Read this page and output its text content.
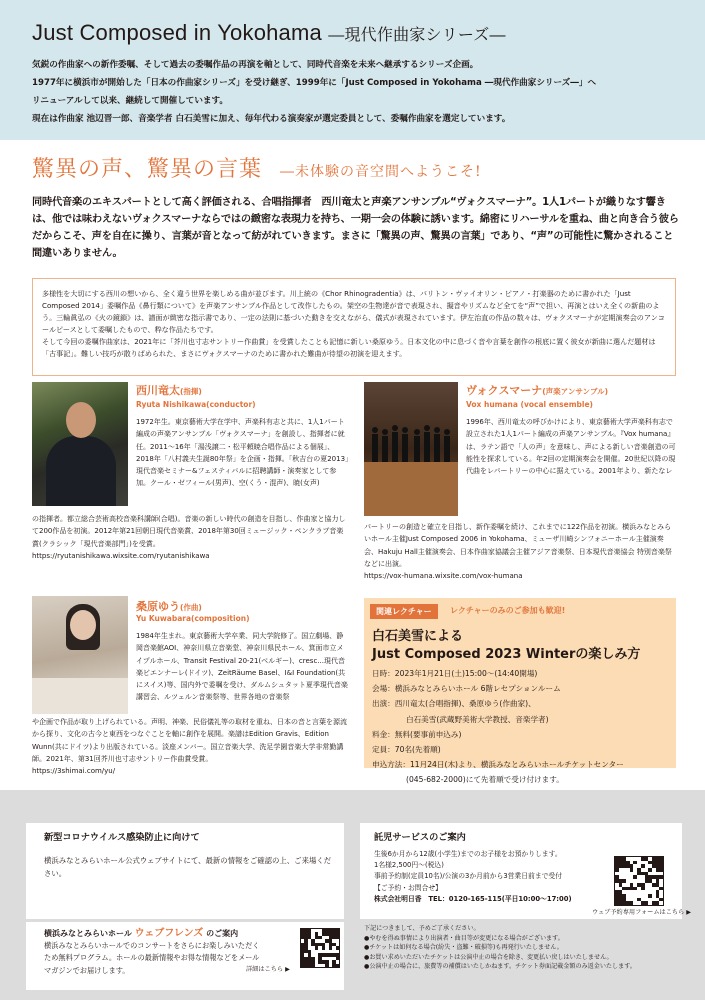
Just Composed in Yokohama ―現代作曲家シリーズ―
気鋭の作曲家への新作委嘱、そして過去の委嘱作品の再演を軸として、同時代音楽を未来へ継承するシリーズ企画。
1977年に横浜市が開始した「日本の作曲家シリーズ」を受け継ぎ、1999年に「Just Composed in Yokohama ―現代作曲家シリーズ―」へ
リニューアルして以来、継続して開催しています。
現在は作曲家 池辺晋一郎、音楽学者 白石美雪に加え、毎年代わる演奏家が選定委員として、委嘱作曲家を選定しています。
驚異の声、驚異の言葉 ―未体験の音空間へようこそ!
同時代音楽のエキスパートとして高く評価される、合唱指揮者　西川竜太と声楽アンサンブル“ヴォクスマーナ”。1人1パートが織りなす響きは、他では味わえないヴォクスマーナならではの緻密な表現力を持ち、一期一会の体験に誘います。綿密にリハーサルを重ね、曲と向き合う彼らだからこそ、声を自在に操り、言葉が音となって紡がれていきます。まさに「驚異の声、驚異の言葉」であり、“声”の可能性に驚かされること間違いありません。

多様性を大切にする西川の想いから、全く違う世界を楽しめる曲が並びます。川上統の《Chor Rhinogradentia》は、バリトン・ヴァイオリン・ピアノ・打楽器のために書かれた「Just Composed 2014」委嘱作品《鼻行類について》を声楽アンサンブル作品として改作したもの。架空の生物達が音で表現され、擬音やリズムなど全てを“声”で担い、再演とはいえ全くの新曲のよう。三輪眞弘の《火の鏡鎖》は、譜面が緻密な指示書であり、一定の法則に基づいた動きを交えながら、儀式が表現されています。伊左治直の作品の数々は、ヴォクスマーナが定期演奏会のアンコールピースとして委嘱したもので、粋な作品たちです。

そして今回の委嘱作曲家は、2021年に「芥川也寸志サントリー作曲賞」を受賞したことも記憶に新しい桑原ゆう。日本文化の中に息づく音や言葉を創作の根底に置く彼女が新曲に選んだ題材は「古事記」。難しい技巧が散りばめられた、まさにヴォクスマーナのために書かれた難曲が待望の初演を迎えます。

西川竜太(指揮)
Ryuta Nishikawa(conductor)
1972年生。東京藝術大学在学中、声楽科有志と共に、1人1パート編成の声楽アンサンブル「ヴォクスマーナ」を創設し、指揮者に就任。2011～16年「湯浅譲二・松平頼暁合唱作品による個展」、2018年「八村義夫生誕80年祭」を企画・指揮。「秋吉台の夏2013」現代音楽セミナー&フェスティバルに招聘講師・演奏家として参加。クール・ゼフィール(男声)、空(くう・混声)、暁(女声)

の指揮者。都立総合芸術高校音楽科講師(合唱)。音楽の新しい時代の創造を目指し、作曲家と協力して200作品を初演。2012年第21回朝日現代音楽賞、2018年第30回ミュージック・ペンクラブ音楽賞(クラシック「現代音楽部門」)を受賞。

https://ryutanishikawa.wixsite.com/ryutanishikawa

ヴォクスマーナ(声楽アンサンブル)
Vox humana (vocal ensemble)
1996年、西川竜太の呼びかけにより、東京藝術大学声楽科有志で設立された1人1パート編成の声楽アンサンブル。『Vox humana』は、ラテン語で「人の声」を意味し、声による新しい音楽創造の可能性を探求している。年2回の定期演奏会を開催。20世紀以降の現代曲をレパートリーの中心に据えている。2001年より、新たなレ

パートリーの創造と確立を目指し、新作委嘱を続け、これまでに122作品を初演。横浜みなとみらいホール主催Just Composed 2006 in Yokohama、ミューザ川崎シンフォニーホール主催演奏会、Hakuju Hall主催演奏会、日本作曲家協議会主催アジア音楽祭、日本現代音楽協会 特別音楽祭などに出演。

https://vox-humana.wixsite.com/vox-humana

桑原ゆう(作曲)
Yu Kuwabara(composition)
1984年生まれ。東京藝術大学卒業、同大学院修了。国立劇場、静岡音楽館AOI、神奈川県立音楽堂、神奈川県民ホール、箕面市立メイプルホール、Transit Festival 20-21(ベルギー)、cresc...現代音楽ビエンナーレ(ドイツ)、ZeitRäume Basel、I&I Foundation(共にスイス)等、国内外で委嘱を受け、ダルムシュタット夏季現代音楽講習会、ルツェルン音楽祭等、世界各地の音楽祭

や企画で作品が取り上げられている。声明、神楽、民俗儀礼等の取材を重ね、日本の音と言葉を源流から探り、文化の古今と東西をつなぐことを軸に創作を展開。楽譜はEdition Gravis、Edition Wunn(共にドイツ)より出版されている。淡座メンバー。国立音楽大学、洗足学園音楽大学非常勤講師。2021年、第31回芥川也寸志サントリー作曲賞受賞。

https://3shimai.com/yu/

関連レクチャー	レクチャーのみのご参加も歓迎!
白石美雪による
Just Composed 2023 Winterの楽しみ方

日時：2023年1月21日(土)15:00～(14:40開場)

会場：横浜みなとみらいホール 6階レセプションルーム

出演：西川竜太(合唱指揮)、桑原ゆう(作曲家)、

白石美雪(武蔵野美術大学教授、音楽学者)

料金：無料(要事前申込み)

定員：70名(先着順)

申込方法：11月24日(木)より、横浜みなとみらいホールチケットセンター

(045-682-2000)にて先着順で受け付けます。

新型コロナウイルス感染防止に向けて
横浜みなとみらいホール公式ウェブサイトにて、最新の情報をご確認の上、ご来場ください。
託児サービスのご案内

生後6か月から12歳(小学生)までのお子様をお預かりします。

1名様2,500円～(税込)

事前予約制(定員10名)/公演の3か月前から3営業日前まで受付

【ご予約・お問合せ】

株式会社明日香　TEL：0120-165-115(平日10:00～17:00)

ウェブ予約専用フォームはこちら ▶
横浜みなとみらいホール ウェブフレンズ のご案内
横浜みなとみらいホールでのコンサートをさらにお楽しみいただくため無料プログラム。ホールの最新情報やお得な情報などをメールマガジンでお届けします。	詳細はこちら ▶

下記につきまして、予めご了承ください。

●やむを得ぬ事情により出演者・曲目等が変更になる場合がございます。

●チケットは如何なる場合(紛失・盗難・破損等)も再発行いたしません。

●お買い求めいただいたチケットは公演中止の場合を除き、変更払い戻しはいたしません。

●公演中止の場合に、旅費等の補償はいたしかねます。チケット券面記載金額のみ返金いたします。
